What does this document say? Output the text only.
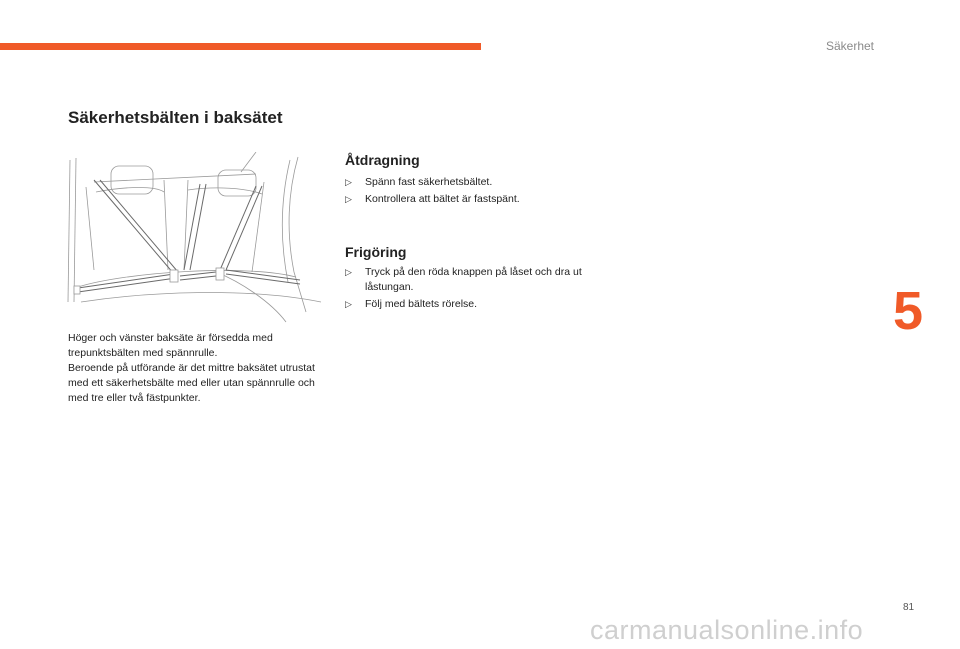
Säkerhet
Säkerhetsbälten i baksätet

Höger och vänster baksäte är försedda med trepunktsbälten med spännrulle.

Beroende på utförande är det mittre baksätet utrustat med ett säkerhetsbälte med eller utan spännrulle och med tre eller två fästpunkter.

Åtdragning
▷ Spänn fast säkerhetsbältet.
▷ Kontrollera att bältet är fastspänt.
Frigöring
▷ Tryck på den röda knappen på låset och dra ut låstungan.
▷ Följ med bältets rörelse.	5
81
carmanualsonline.info
